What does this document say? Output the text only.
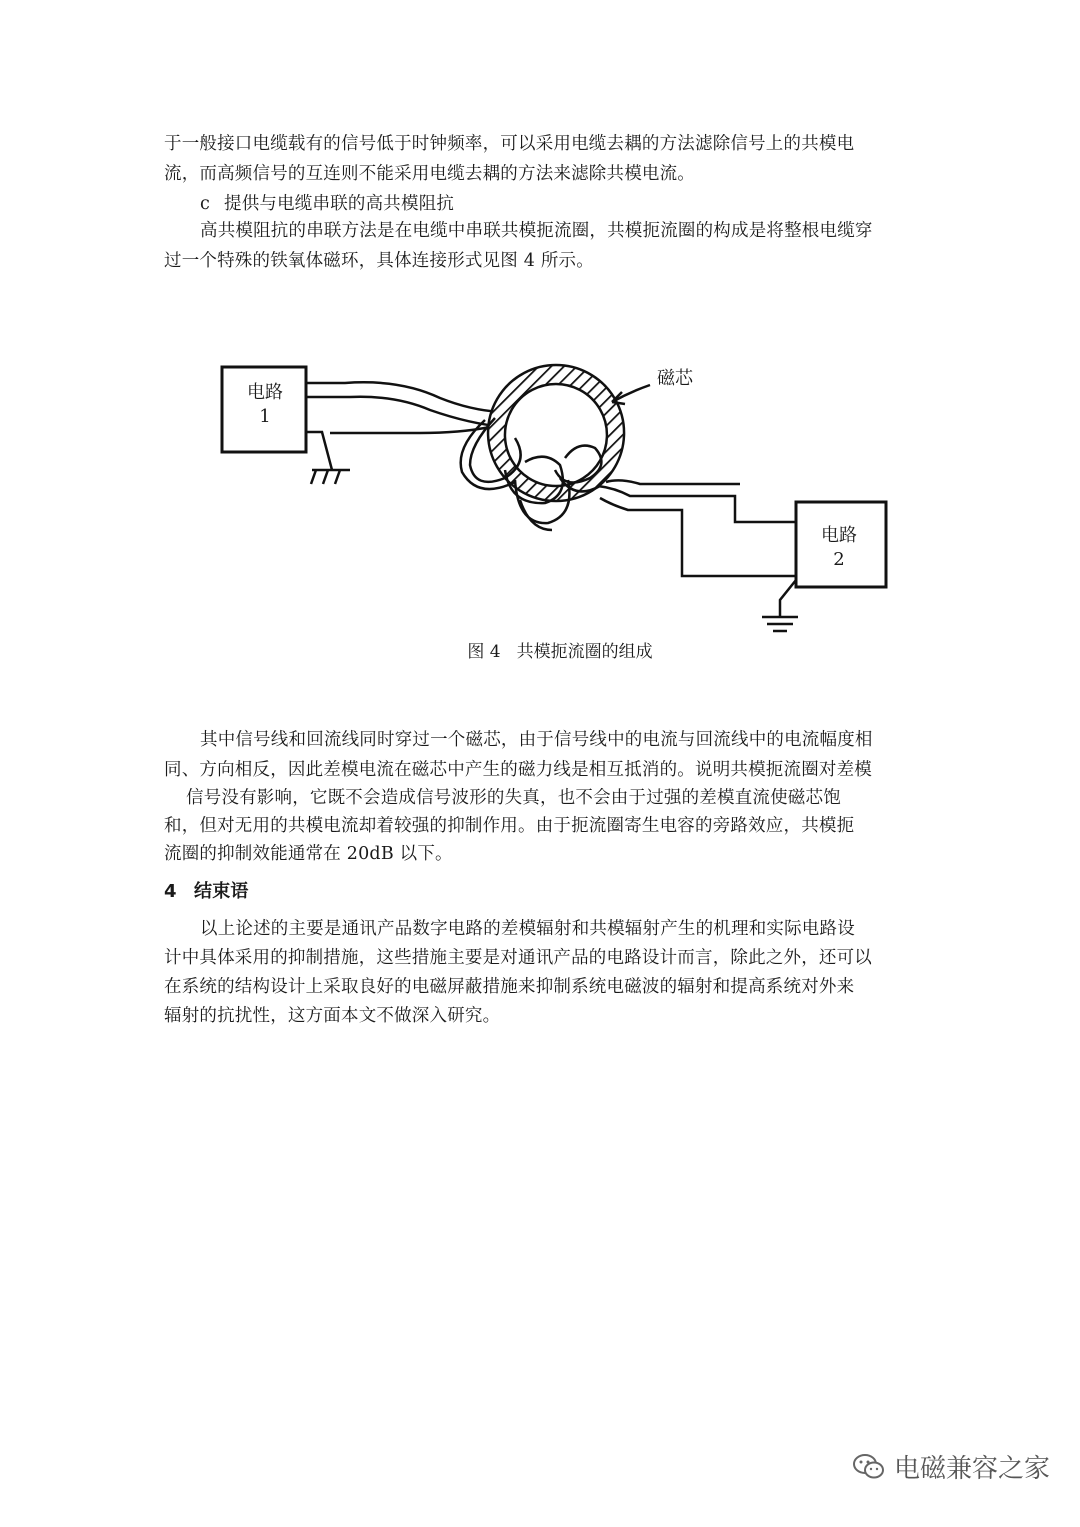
于一般接口电缆载有的信号低于时钟频率，可以采用电缆去耦的方法滤除信号上的共模电
流，而高频信号的互连则不能采用电缆去耦的方法来滤除共模电流。
c 提供与电缆串联的高共模阻抗
高共模阻抗的串联方法是在电缆中串联共模扼流圈，共模扼流圈的构成是将整根电缆穿
过一个特殊的铁氧体磁环，具体连接形式见图 4 所示。
电路
1
电路
2
磁芯
图 4 共模扼流圈的组成
其中信号线和回流线同时穿过一个磁芯，由于信号线中的电流与回流线中的电流幅度相
同、方向相反，因此差模电流在磁芯中产生的磁力线是相互抵消的。说明共模扼流圈对差模
信号没有影响，它既不会造成信号波形的失真，也不会由于过强的差模直流使磁芯饱
和，但对无用的共模电流却着较强的抑制作用。由于扼流圈寄生电容的旁路效应，共模扼
流圈的抑制效能通常在 20dB 以下。
4 结束语
以上论述的主要是通讯产品数字电路的差模辐射和共模辐射产生的机理和实际电路设
计中具体采用的抑制措施，这些措施主要是对通讯产品的电路设计而言，除此之外，还可以
在系统的结构设计上采取良好的电磁屏蔽措施来抑制系统电磁波的辐射和提高系统对外来
辐射的抗扰性，这方面本文不做深入研究。
电磁兼容之家
